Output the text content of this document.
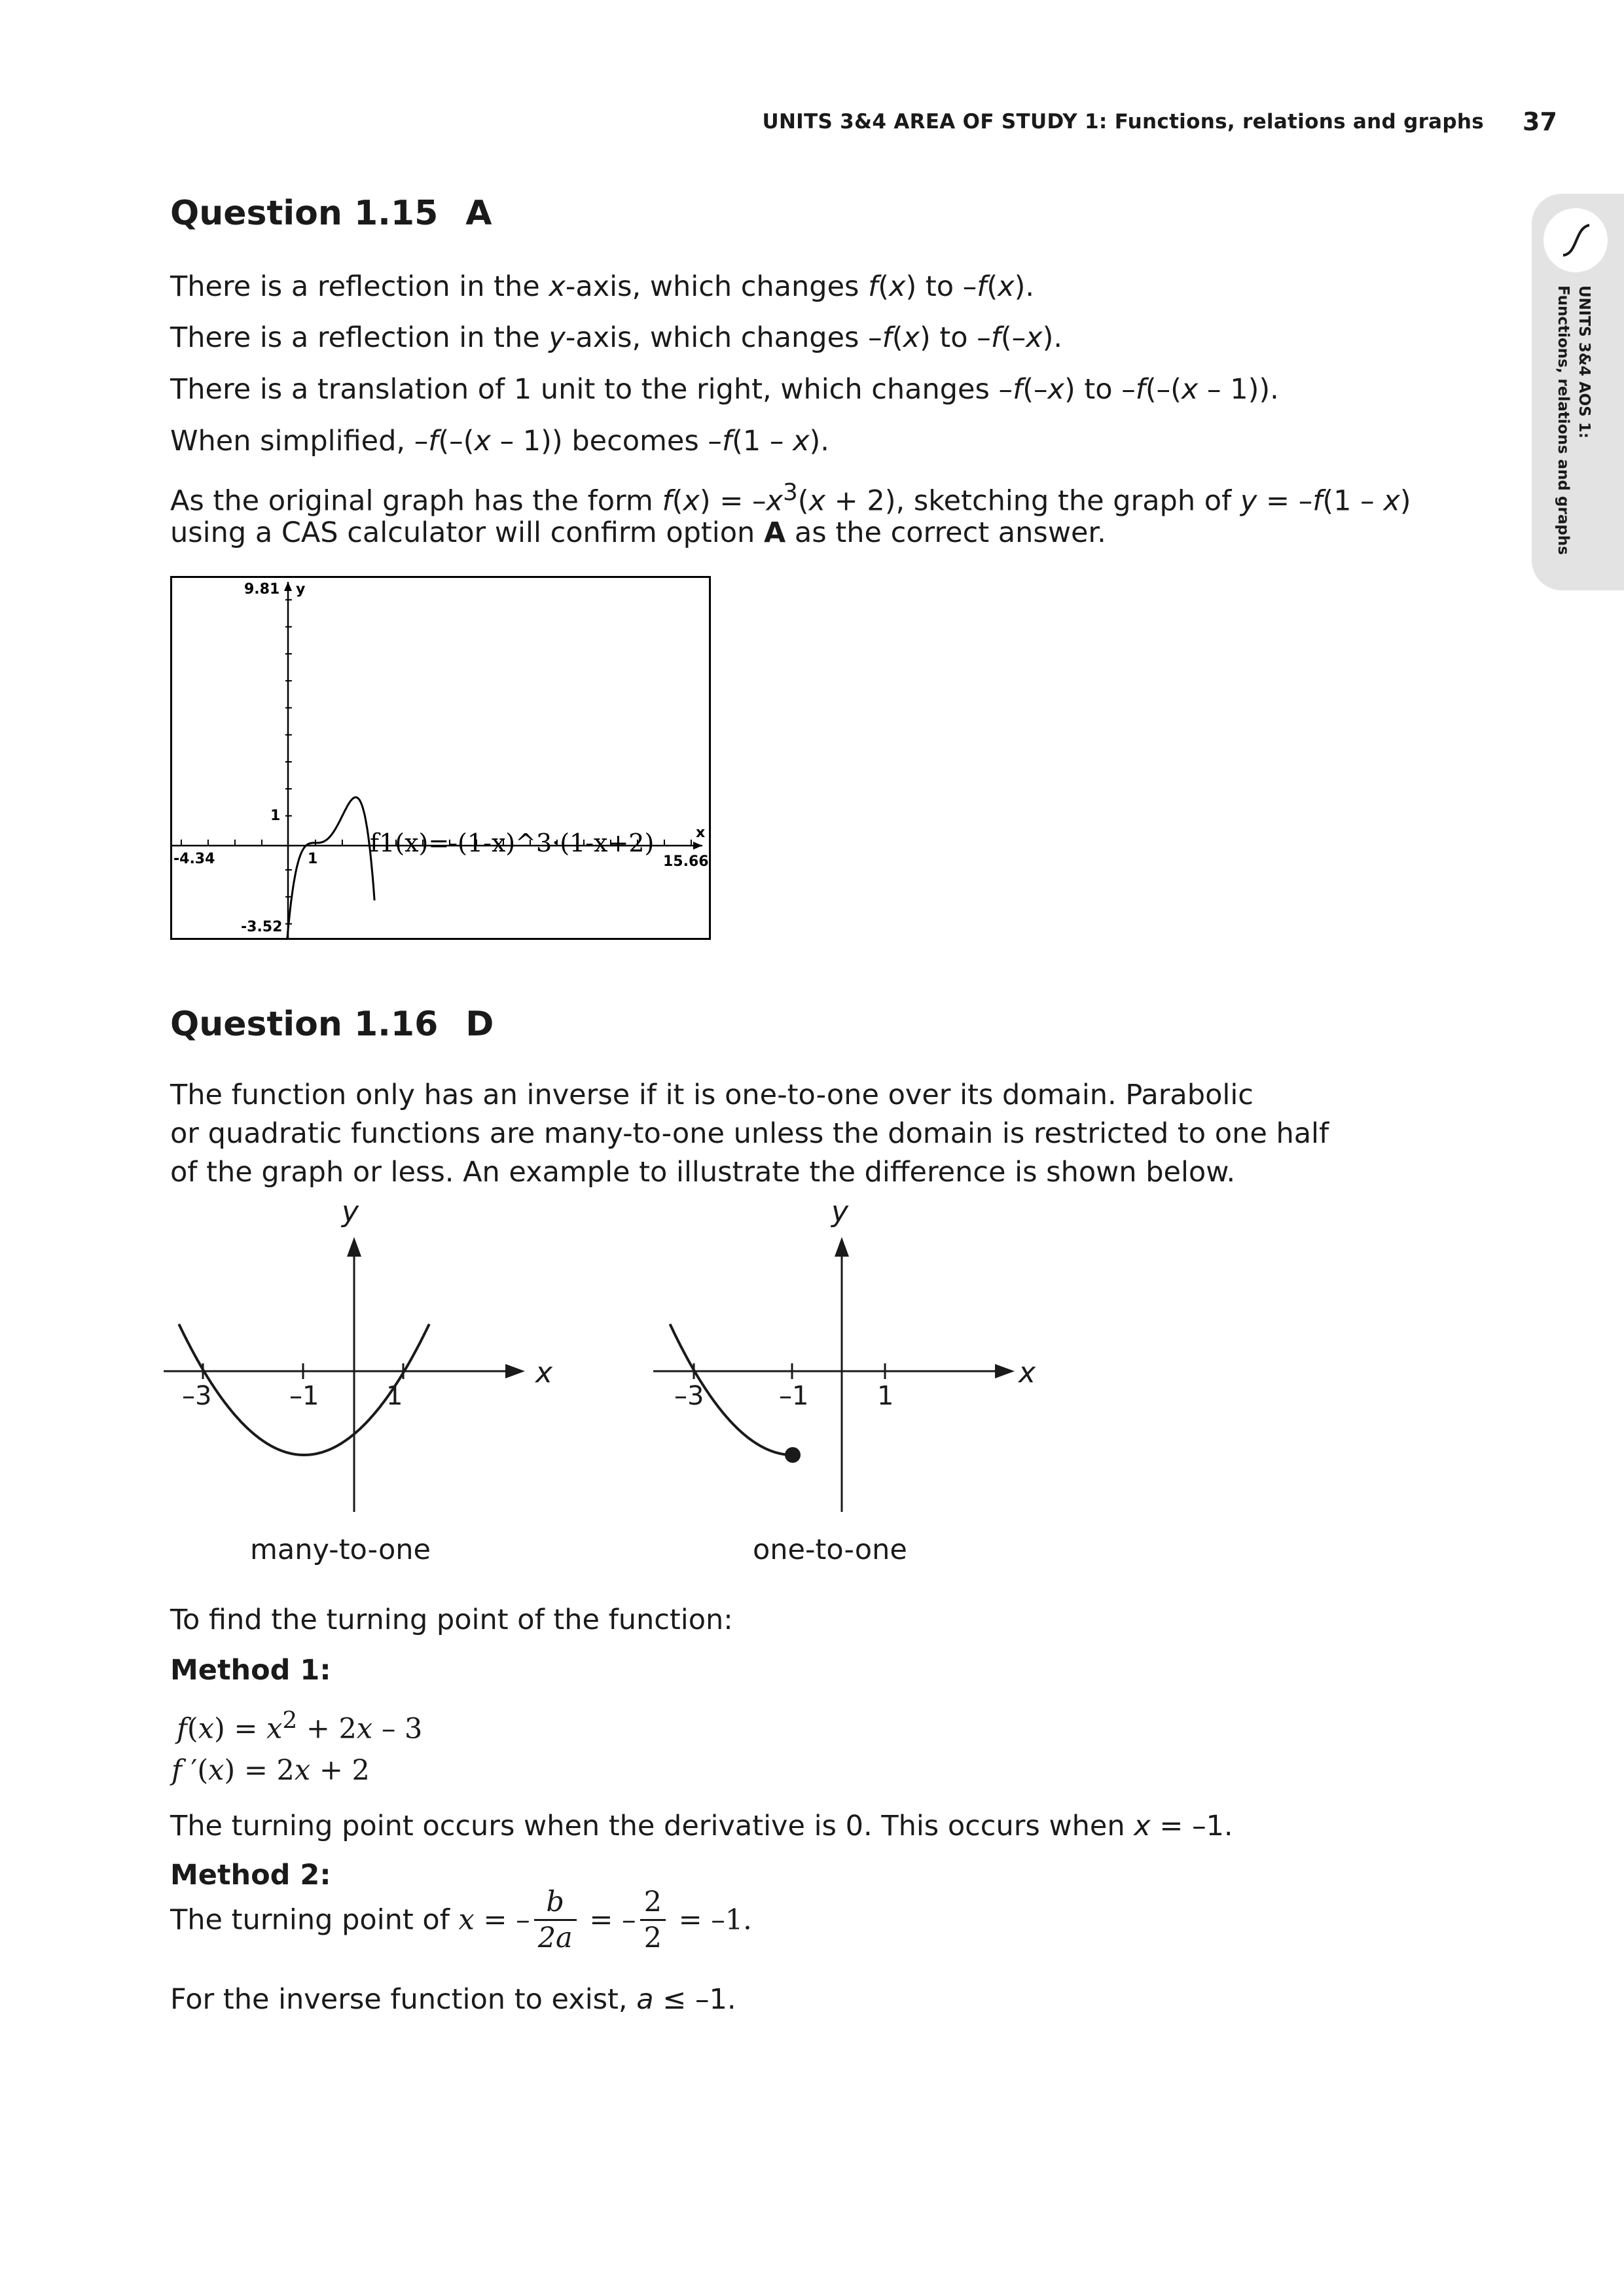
UNITS 3&4 AREA OF STUDY 1: Functions, relations and graphs 37
UNITS 3&4 AOS 1:
Functions, relations and graphs
Question 1.15 A
There is a reflection in the x-axis, which changes f(x) to –f(x).
There is a reflection in the y-axis, which changes –f(x) to –f(–x).
There is a translation of 1 unit to the right, which changes –f(–x) to –f(–(x – 1)).
When simplified, –f(–(x – 1)) becomes –f(1 – x).
As the original graph has the form $f(x) = -x^3(x + 2)$, sketching the graph of y = –f(1 – x)
using a CAS calculator will confirm option A as the correct answer.
9.81 y
1
-4.34	1
f1(x)=-(1-x)^3·(1-x+2)	x
15.66
-3.52
Question 1.16 D
The function only has an inverse if it is one-to-one over its domain. Parabolic
or quadratic functions are many-to-one unless the domain is restricted to one half
of the graph or less. An example to illustrate the difference is shown below.
y
x
–3	–1	1
many-to-one
y
x
–3	–1	1
one-to-one
To find the turning point of the function:
Method 1:
$f(x) = x^2 + 2x - 3$
f ′(x) = 2x + 2
The turning point occurs when the derivative is 0. This occurs when x = –1.
Method 2:
The turning point of x = – $\frac{b}{2a}$ = – $\frac{2}{2} = -1$.
For the inverse function to exist, a ≤ –1.
